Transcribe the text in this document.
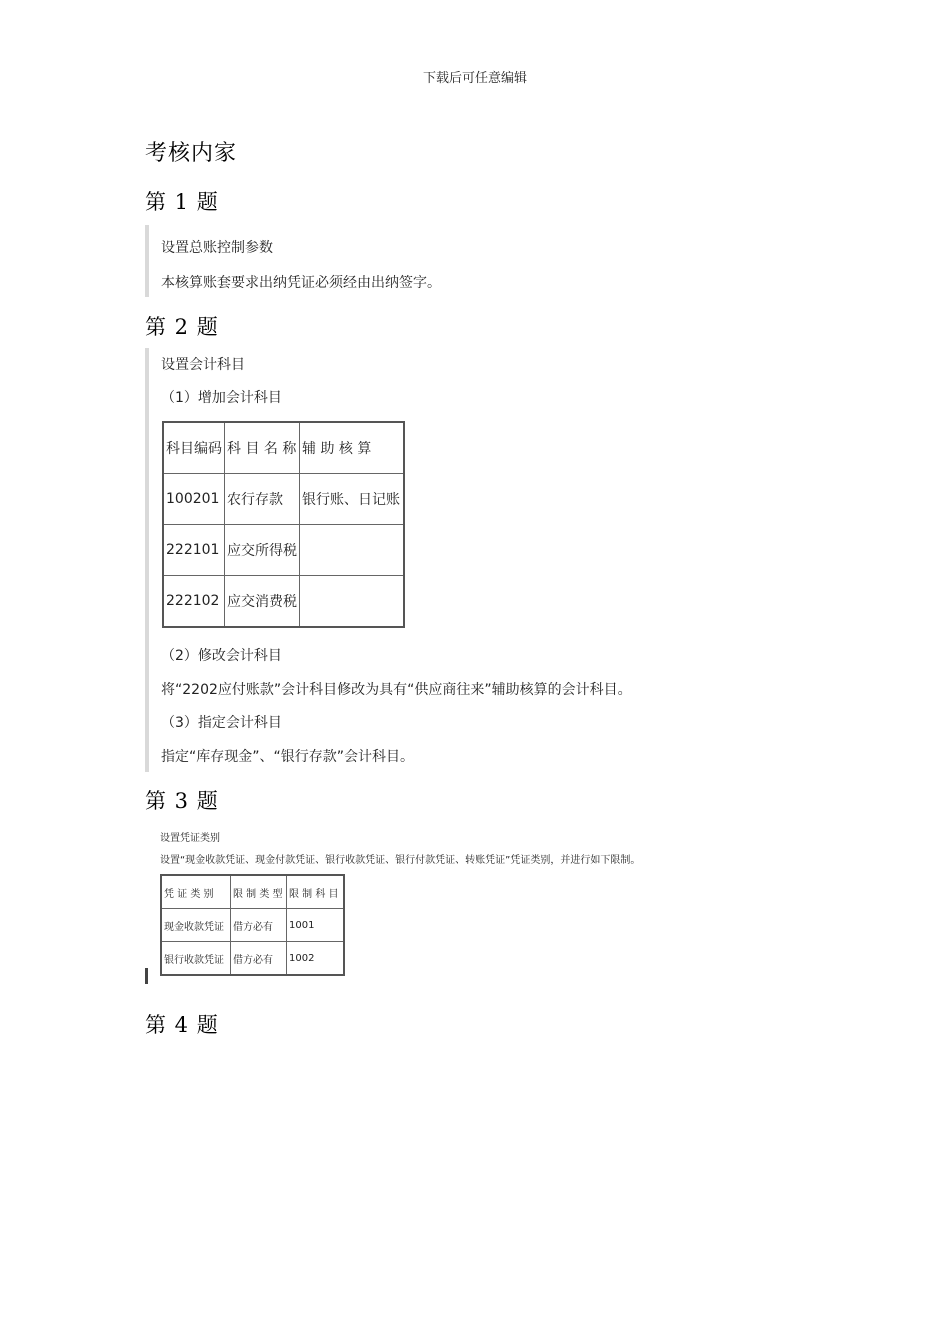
下载后可任意编辑
考核内家
第 1 题
设置总账控制参数
本核算账套要求出纳凭证必须经由出纳签字。
第 2 题
设置会计科目
（1）增加会计科目
科目编码	科 目 名 称	辅 助 核 算
100201	农行存款	银行账、日记账
222101	应交所得税	
222102	应交消费税	
（2）修改会计科目
将“2202应付账款”会计科目修改为具有“供应商往来”辅助核算的会计科目。
（3）指定会计科目
指定“库存现金”、“银行存款”会计科目。
第 3 题
设置凭证类别
设置“现金收款凭证、现金付款凭证、银行收款凭证、银行付款凭证、转账凭证”凭证类别，并进行如下限制。
凭 证 类 别	限 制 类 型	限 制 科 目
现金收款凭证	借方必有	1001
银行收款凭证	借方必有	1002
第 4 题
